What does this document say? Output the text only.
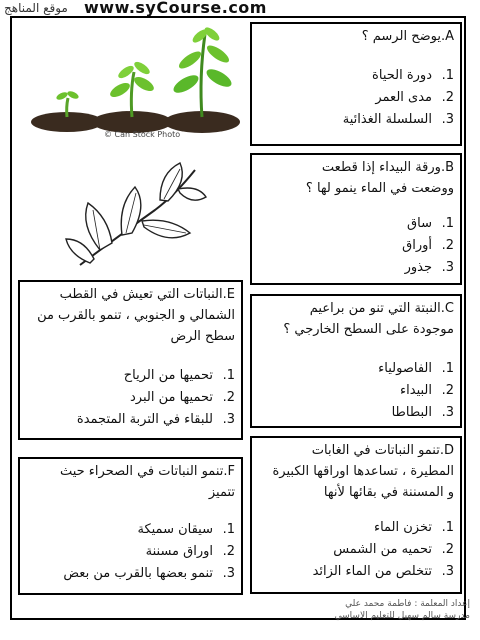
موقع المناهج www.syCourse.com
© Can Stock Photo
A.يوضح الرسم ؟
1.دورة الحياة
2.مدى العمر
3.السلسلة الغذائية
B.ورقة البيداء إذا قطعت
ووضعت في الماء ينمو لها ؟
1.ساق
2.أوراق
3.جذور
E.النباتات التي تعيش في القطب
الشمالي و الجنوبي ، تنمو بالقرب من
سطح الرض
1.تحميها من الرياح
2.تحميها من البرد
3.للبقاء في التربة المتجمدة
C.النبتة التي تنو من براعيم
موجودة على السطح الخارجي ؟
1.الفاصولياء
2.البيداء
3.البطاطا
D.تنمو النباتات في الغابات
المطيرة ، تساعدها اوراقها الكبيرة
و المسننة في بقائها لأنها
1.تخزن الماء
2.تحميه من الشمس
3.تتخلص من الماء الزائد
F.تنمو النباتات في الصحراء حيث
تتميز
1.سيقان سميكة
2.اوراق مسننة
3.تنمو بعضها بالقرب من بعض
إعداد المعلمة : فاطمة محمد علي
مدرسة سالم سهيل للتعليم الاساسي
